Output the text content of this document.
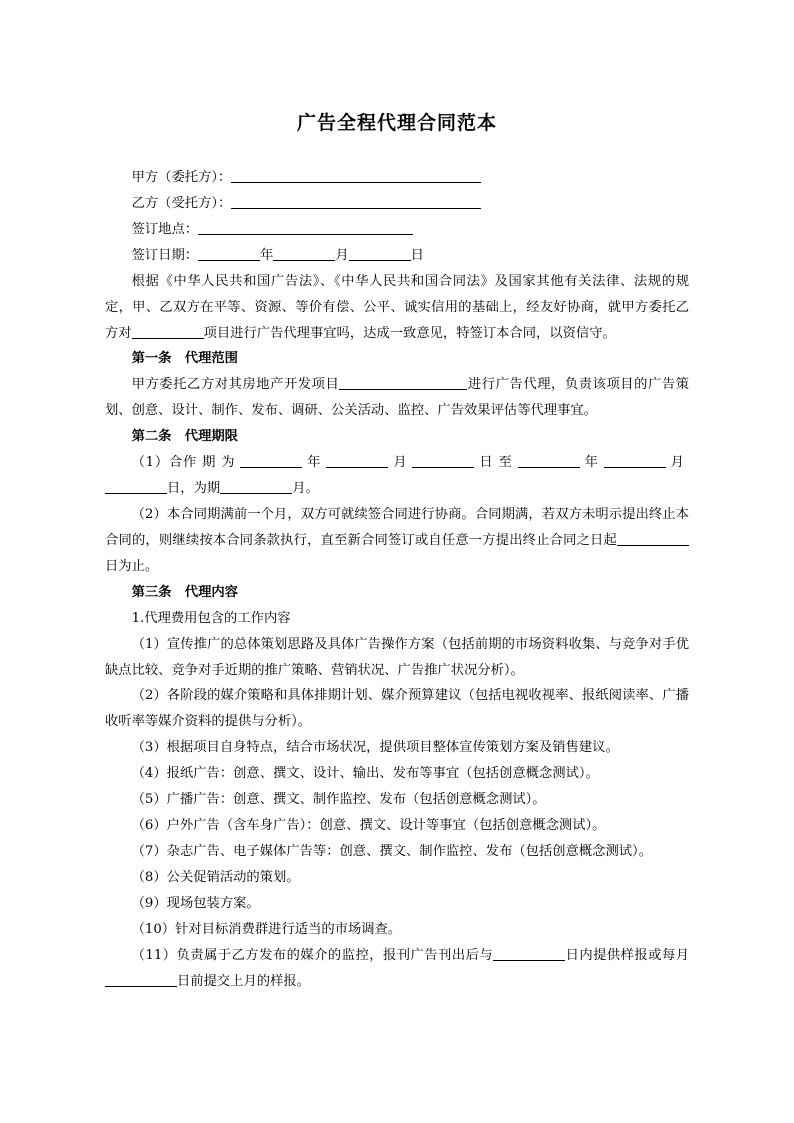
广告全程代理合同范本

甲方（委托方）：

乙方（受托方）：

签订地点：

签订日期：	年	月	日

根据《中华人民共和国广告法》、《中华人民共和国合同法》及国家其他有关法律、法规的规定，甲、乙双方在平等、资源、等价有偿、公平、诚实信用的基础上，经友好协商，就甲方委托乙方对	项目进行广告代理事宜吗，达成一致意见，特签订本合同，以资信守。

第一条 代理范围

甲方委托乙方对其房地产开发项目	进行广告代理，负责该项目的广告策划、创意、设计、制作、发布、调研、公关活动、监控、广告效果评估等代理事宜。

第二条 代理期限

（1）合作 期 为	年	月	日 至	年	月 日，为期	月。

（2）本合同期满前一个月，双方可就续签合同进行协商。合同期满，若双方未明示提出终止本合同的，则继续按本合同条款执行，直至新合同签订或自任意一方提出终止合同之日起日为止。

第三条 代理内容

1.代理费用包含的工作内容

（1）宣传推广的总体策划思路及具体广告操作方案（包括前期的市场资料收集、与竞争对手优缺点比较、竞争对手近期的推广策略、营销状况、广告推广状况分析）。

（2）各阶段的媒介策略和具体排期计划、媒介预算建议（包括电视收视率、报纸阅读率、广播收听率等媒介资料的提供与分析）。

（3）根据项目自身特点，结合市场状况，提供项目整体宣传策划方案及销售建议。

（4）报纸广告：创意、撰文、设计、输出、发布等事宜（包括创意概念测试）。

（5）广播广告：创意、撰文、制作监控、发布（包括创意概念测试）。

（6）户外广告（含车身广告）：创意、撰文、设计等事宜（包括创意概念测试）。

（7）杂志广告、电子媒体广告等：创意、撰文、制作监控、发布（包括创意概念测试）。

（8）公关促销活动的策划。

（9）现场包装方案。

（10）针对目标消费群进行适当的市场调查。

（11）负责属于乙方发布的媒介的监控，报刊广告刊出后与	日内提供样报或每月日前提交上月的样报。
